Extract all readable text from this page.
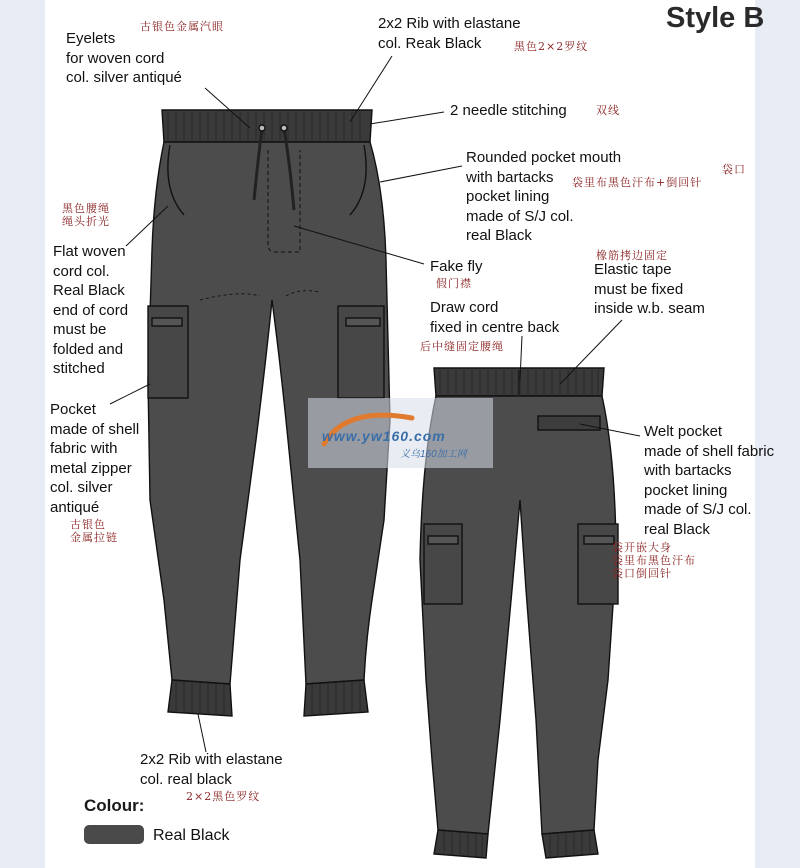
Style B
Eyelets
for woven cord
col. silver antiqué
2x2 Rib with elastane
col. Reak Black
2 needle stitching
Rounded pocket mouth
with bartacks
pocket lining
made of S/J col.
real Black
Flat woven
cord col.
Real Black
end of cord
must be
folded and
stitched
Fake fly	Elastic tape
must be fixed
inside w.b. seam
Draw cord
fixed in centre back
Pocket
made of shell
fabric with
metal zipper
col. silver
antiqué
Welt pocket
made of shell fabric
with bartacks
pocket lining
made of S/J col.
real Black
2x2 Rib with elastane
col. real black
古银色金属汽眼
黑色2×2罗纹
双线
袋口
袋里布黑色汗布+倒回针
黑色腰绳
绳头折光
假门襟
橡筋拷边固定
后中缝固定腰绳
古银色
金属拉链
袋开嵌大身
袋里布黑色汗布
袋口倒回针
2×2黑色罗纹
www.yw160.com
义乌160加工网
Colour:
Real Black
